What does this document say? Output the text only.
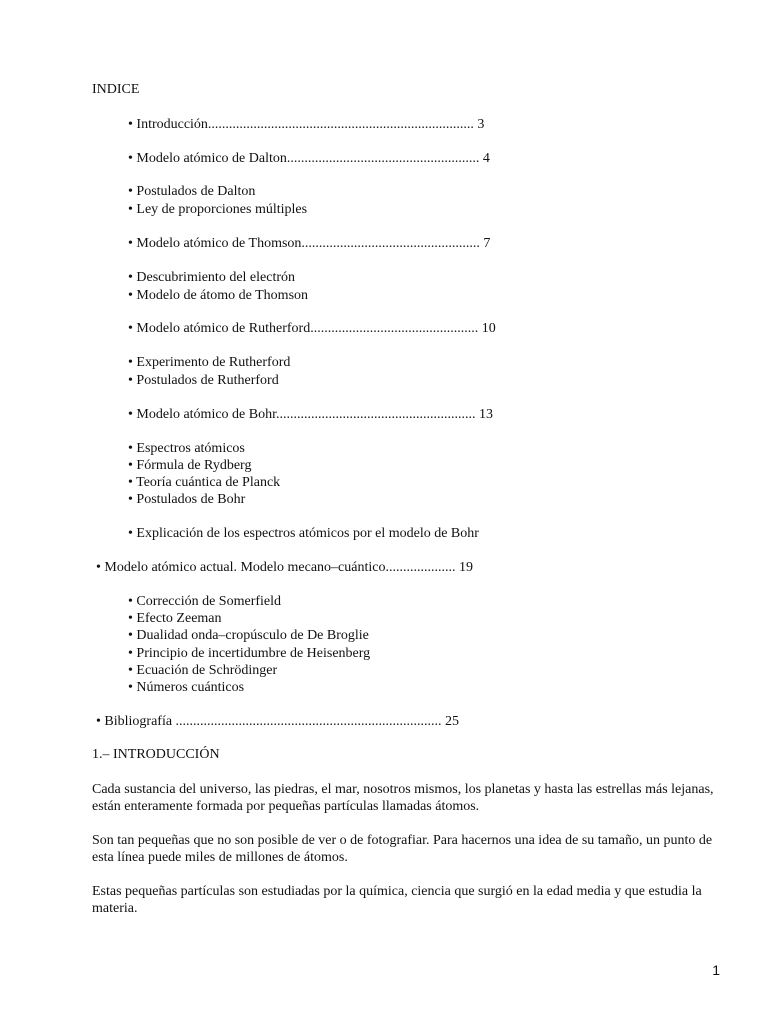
INDICE
• Introducción............................................................................ 3
• Modelo atómico de Dalton....................................................... 4
• Postulados de Dalton
• Ley de proporciones múltiples
• Modelo atómico de Thomson................................................... 7
• Descubrimiento del electrón
• Modelo de átomo de Thomson
• Modelo atómico de Rutherford................................................ 10
• Experimento de Rutherford
• Postulados de Rutherford
• Modelo atómico de Bohr......................................................... 13
• Espectros atómicos
• Fórmula de Rydberg
• Teoría cuántica de Planck
• Postulados de Bohr
• Explicación de los espectros atómicos por el modelo de Bohr
• Modelo atómico actual. Modelo mecano–cuántico.................... 19
• Corrección de Somerfield
• Efecto Zeeman
• Dualidad onda–cropúsculo de De Broglie
• Principio de incertidumbre de Heisenberg
• Ecuación de Schrödinger
• Números cuánticos
• Bibliografía ............................................................................ 25
1.– INTRODUCCIÓN
Cada sustancia del universo, las piedras, el mar, nosotros mismos, los planetas y hasta las estrellas más lejanas, están enteramente formada por pequeñas partículas llamadas átomos.
Son tan pequeñas que no son posible de ver o de fotografiar. Para hacernos una idea de su tamaño, un punto de esta línea puede miles de millones de átomos.
Estas pequeñas partículas son estudiadas por la química, ciencia que surgió en la edad media y que estudia la materia.
1
